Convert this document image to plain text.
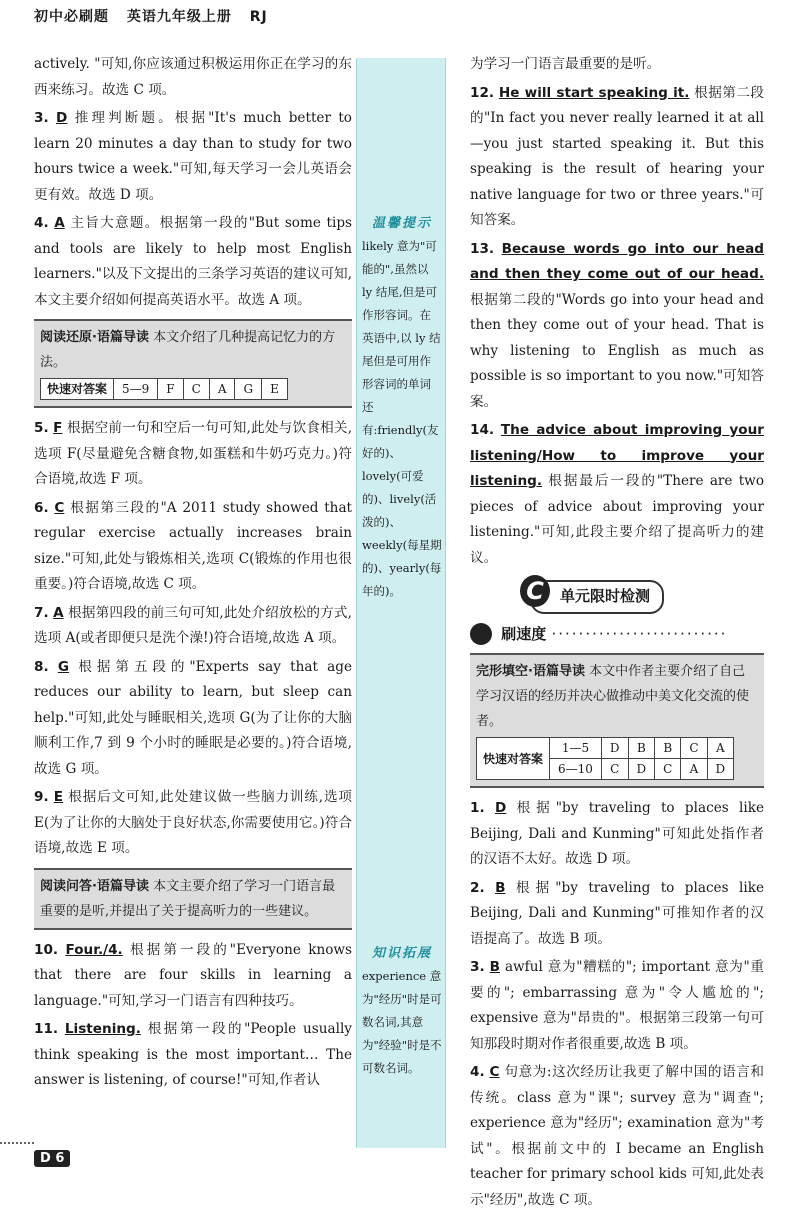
初中必刷题 英语九年级上册 RJ
温馨提示
likely 意为"可能的",虽然以 ly 结尾,但是可作形容词。在英语中,以 ly 结尾但是可用作形容词的单词还有:friendly(友好的)、lovely(可爱的)、lively(活泼的)、weekly(每星期的)、yearly(每年的)。
知识拓展
experience 意为"经历"时是可数名词,其意为"经验"时是不可数名词。
actively. "可知,你应该通过积极运用你正在学习的东西来练习。故选 C 项。
3. D 推理判断题。根据"It's much better to learn 20 minutes a day than to study for two hours twice a week."可知,每天学习一会儿英语会更有效。故选 D 项。
4. A 主旨大意题。根据第一段的"But some tips and tools are likely to help most English learners."以及下文提出的三条学习英语的建议可知,本文主要介绍如何提高英语水平。故选 A 项。
阅读还原·语篇导读 本文介绍了几种提高记忆力的方法。
快速对答案	5—9	F	C	A	G	E
5. F 根据空前一句和空后一句可知,此处与饮食相关,选项 F(尽量避免含糖食物,如蛋糕和牛奶巧克力。)符合语境,故选 F 项。
6. C 根据第三段的"A 2011 study showed that regular exercise actually increases brain size."可知,此处与锻炼相关,选项 C(锻炼的作用也很重要。)符合语境,故选 C 项。
7. A 根据第四段的前三句可知,此处介绍放松的方式,选项 A(或者即便只是洗个澡!)符合语境,故选 A 项。
8. G 根据第五段的"Experts say that age reduces our ability to learn, but sleep can help."可知,此处与睡眠相关,选项 G(为了让你的大脑顺利工作,7 到 9 个小时的睡眠是必要的。)符合语境,故选 G 项。
9. E 根据后文可知,此处建议做一些脑力训练,选项 E(为了让你的大脑处于良好状态,你需要使用它。)符合语境,故选 E 项。
阅读问答·语篇导读 本文主要介绍了学习一门语言最重要的是听,并提出了关于提高听力的一些建议。
10. Four./4. 根据第一段的"Everyone knows that there are four skills in learning a language."可知,学习一门语言有四种技巧。
11. Listening. 根据第一段的"People usually think speaking is the most important… The answer is listening, of course!"可知,作者认
为学习一门语言最重要的是听。
12. He will start speaking it. 根据第二段的"In fact you never really learned it at all—you just started speaking it. But this speaking is the result of hearing your native language for two or three years."可知答案。
13. Because words go into our head and then they come out of our head. 根据第二段的"Words go into your head and then they come out of your head. That is why listening to English as much as possible is so important to you now."可知答案。
14. The advice about improving your listening/How to improve your listening. 根据最后一段的"There are two pieces of advice about improving your listening."可知,此段主要介绍了提高听力的建议。
C	单元限时检测
刷速度 ··························
完形填空·语篇导读 本文中作者主要介绍了自己学习汉语的经历并决心做推动中美文化交流的使者。
快速对答案	1—5	D	B	B	C	A
	6—10	C	D	C	A	D
1. D 根据"by traveling to places like Beijing, Dali and Kunming"可知此处指作者的汉语不太好。故选 D 项。
2. B 根据"by traveling to places like Beijing, Dali and Kunming"可推知作者的汉语提高了。故选 B 项。
3. B awful 意为"糟糕的"; important 意为"重要的"; embarrassing 意为"令人尴尬的"; expensive 意为"昂贵的"。根据第三段第一句可知那段时期对作者很重要,故选 B 项。
4. C 句意为:这次经历让我更了解中国的语言和传统。class 意为"课"; survey 意为"调查"; experience 意为"经历"; examination 意为"考试"。根据前文中的 I became an English teacher for primary school kids 可知,此处表示"经历",故选 C 项。
D 6
